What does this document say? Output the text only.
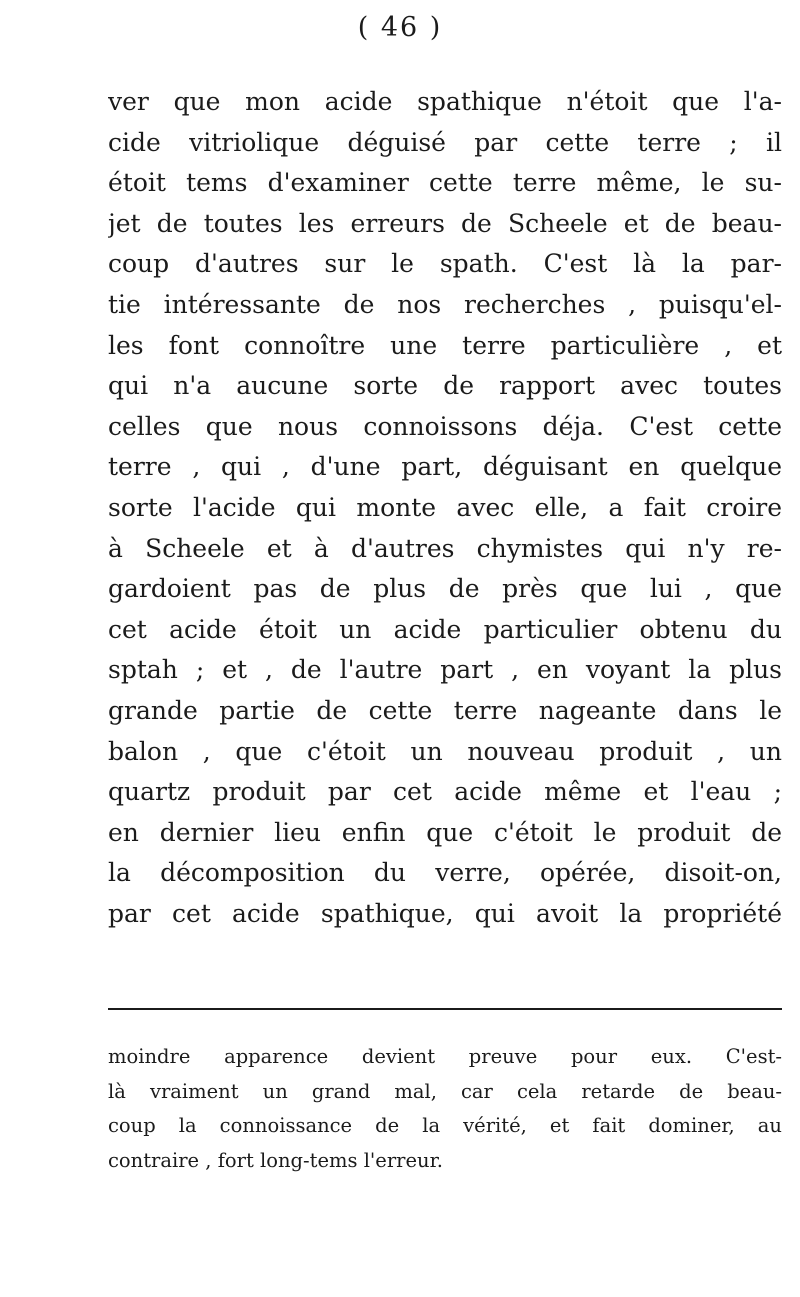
( 46 )
ver que mon acide spathique n'étoit que l'a-
cide vitriolique déguisé par cette terre ; il
étoit tems d'examiner cette terre même, le su-
jet de toutes les erreurs de Scheele et de beau-
coup d'autres sur le spath. C'est là la par-
tie intéressante de nos recherches , puisqu'el-
les font connoître une terre particulière , et
qui n'a aucune sorte de rapport avec toutes
celles que nous connoissons déja. C'est cette
terre , qui , d'une part, déguisant en quelque
sorte l'acide qui monte avec elle, a fait croire
à Scheele et à d'autres chymistes qui n'y re-
gardoient pas de plus de près que lui , que
cet acide étoit un acide particulier obtenu du
sptah ; et , de l'autre part , en voyant la plus
grande partie de cette terre nageante dans le
balon , que c'étoit un nouveau produit , un
quartz produit par cet acide même et l'eau ;
en dernier lieu enfin que c'étoit le produit de
la décomposition du verre, opérée, disoit-on,
par cet acide spathique, qui avoit la propriété
moindre apparence devient preuve pour eux. C'est-
là vraiment un grand mal, car cela retarde de beau-
coup la connoissance de la vérité, et fait dominer, au
contraire , fort long-tems l'erreur.
